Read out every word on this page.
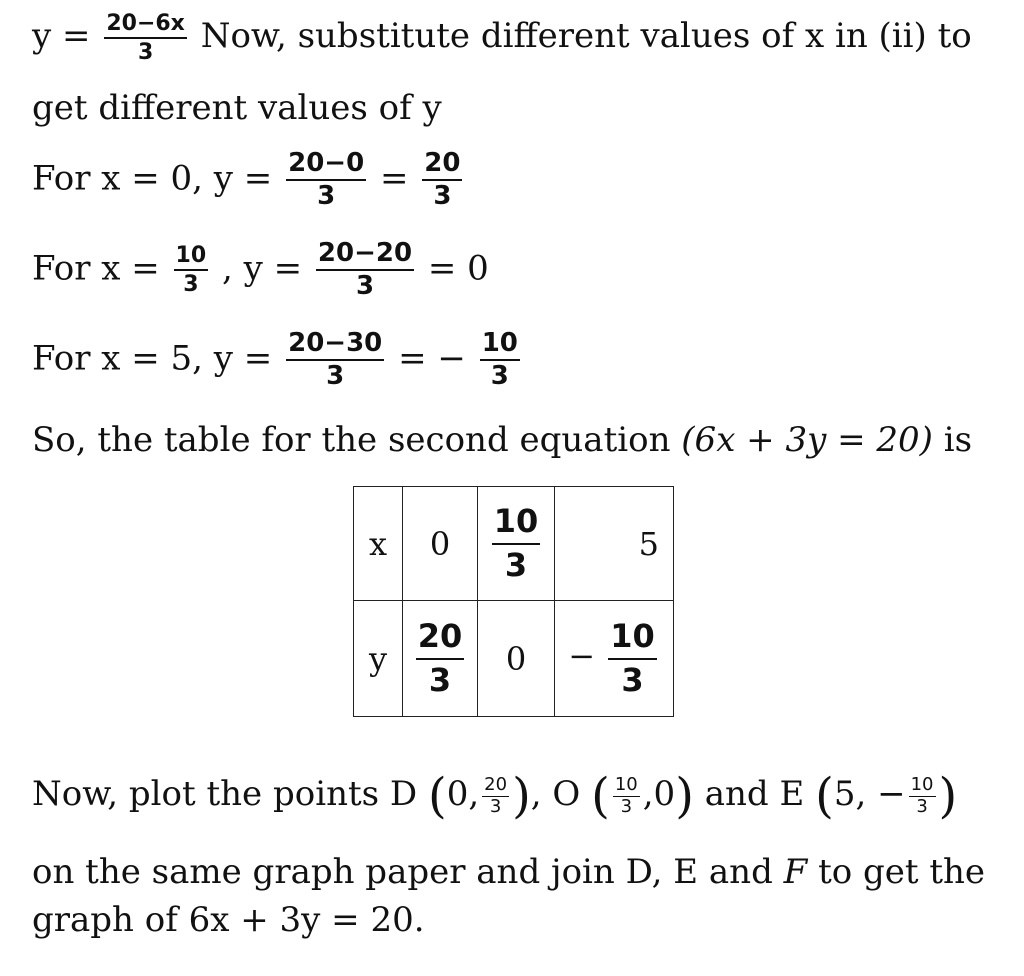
$y = \frac{20-6x}{3}$ Now, substitute different values of x in (ii) to
get different values of y
For x = 0, $y = \frac{20-0}{3} = \frac{20}{3}$
For $x = \frac{10}{3}$ , $y = \frac{20-20}{3} = 0$
For x = 5, $y = \frac{20-30}{3}$ = − $\frac{10}{3}$
So, the table for the second equation (6x + 3y = 20) is
x	0	$\frac{10}{3}$	5
y	$\frac{20}{3}$	0	− $\frac{10}{3}$
Now, plot the points D (0, $\frac{20}{3}$ ), O ( $\frac{10}{3} ,0$) and E (5, − $\frac{10}{3}$ )
on the same graph paper and join D, E and F to get the
graph of 6x + 3y = 20.
